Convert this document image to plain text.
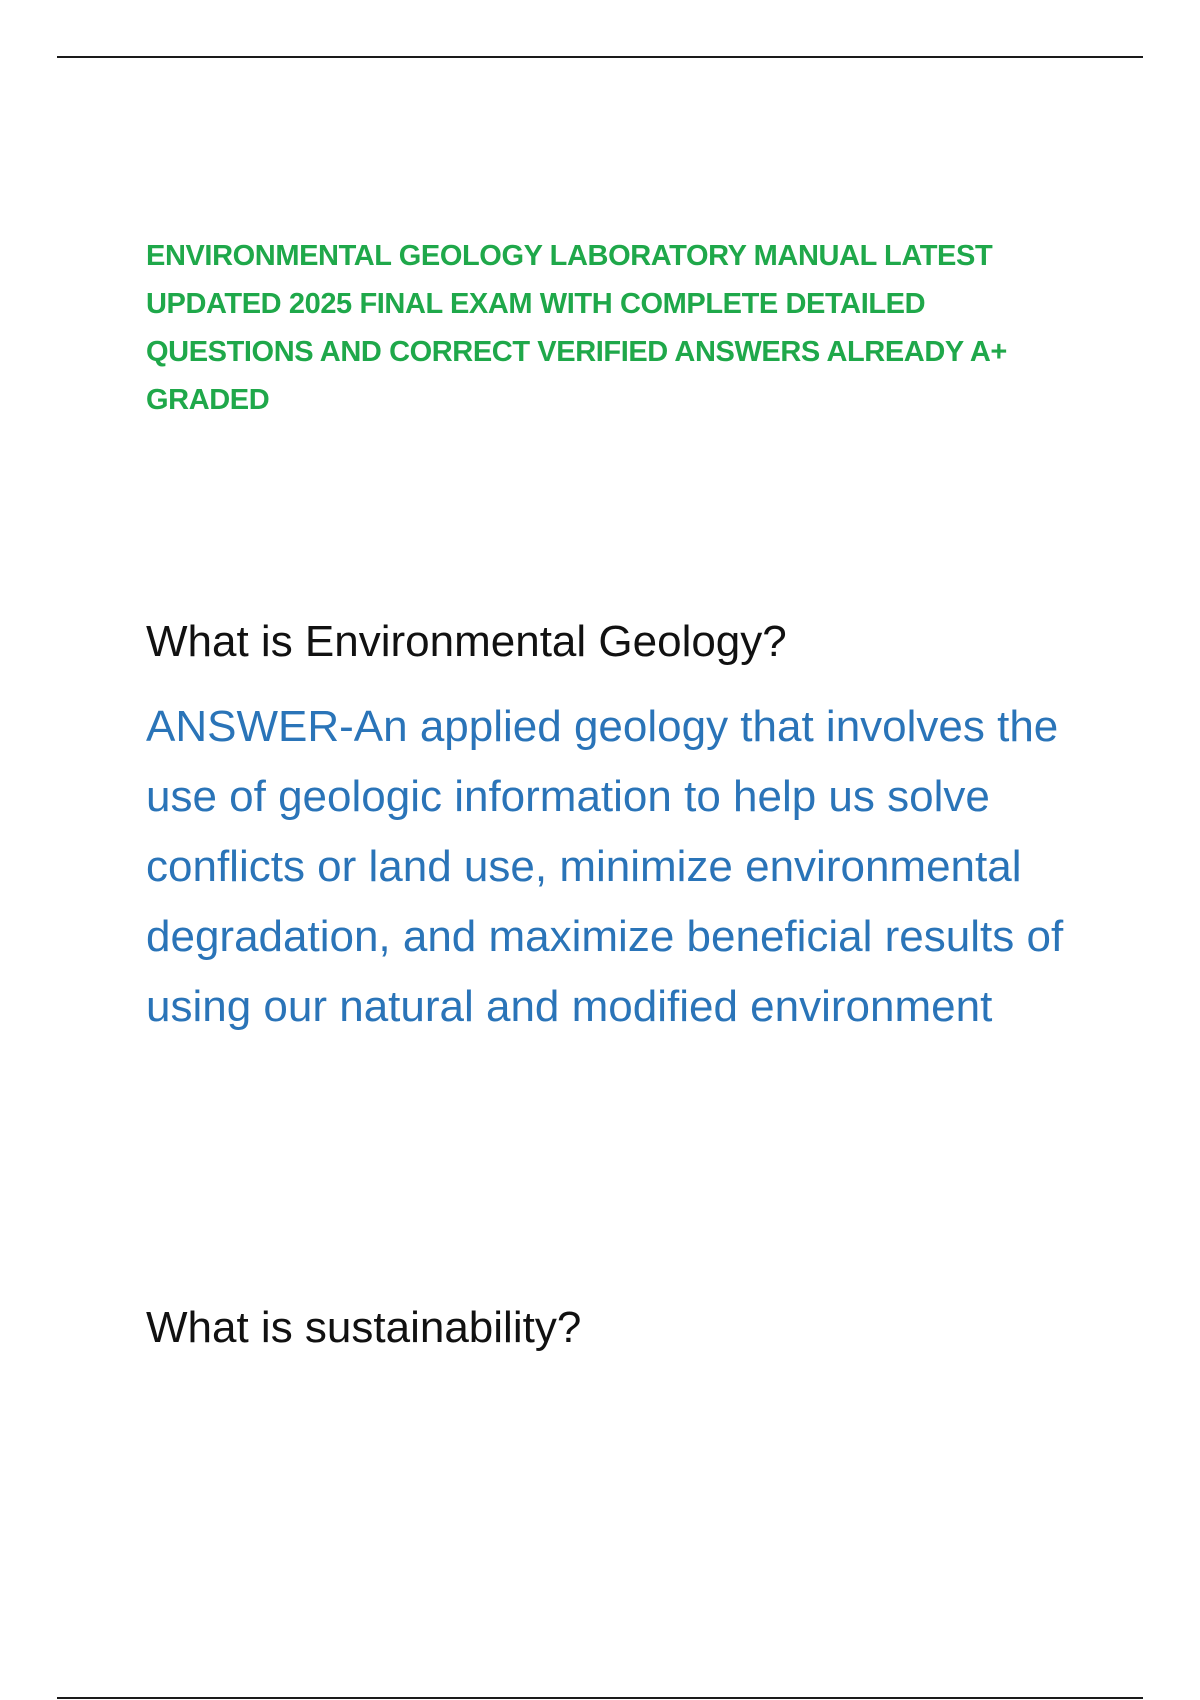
ENVIRONMENTAL GEOLOGY LABORATORY MANUAL LATEST UPDATED 2025 FINAL EXAM WITH COMPLETE DETAILED QUESTIONS AND CORRECT VERIFIED ANSWERS ALREADY A+ GRADED

What is Environmental Geology?

ANSWER-An applied geology that involves the use of geologic information to help us solve conflicts or land use, minimize environmental degradation, and maximize beneficial results of using our natural and modified environment

What is sustainability?
